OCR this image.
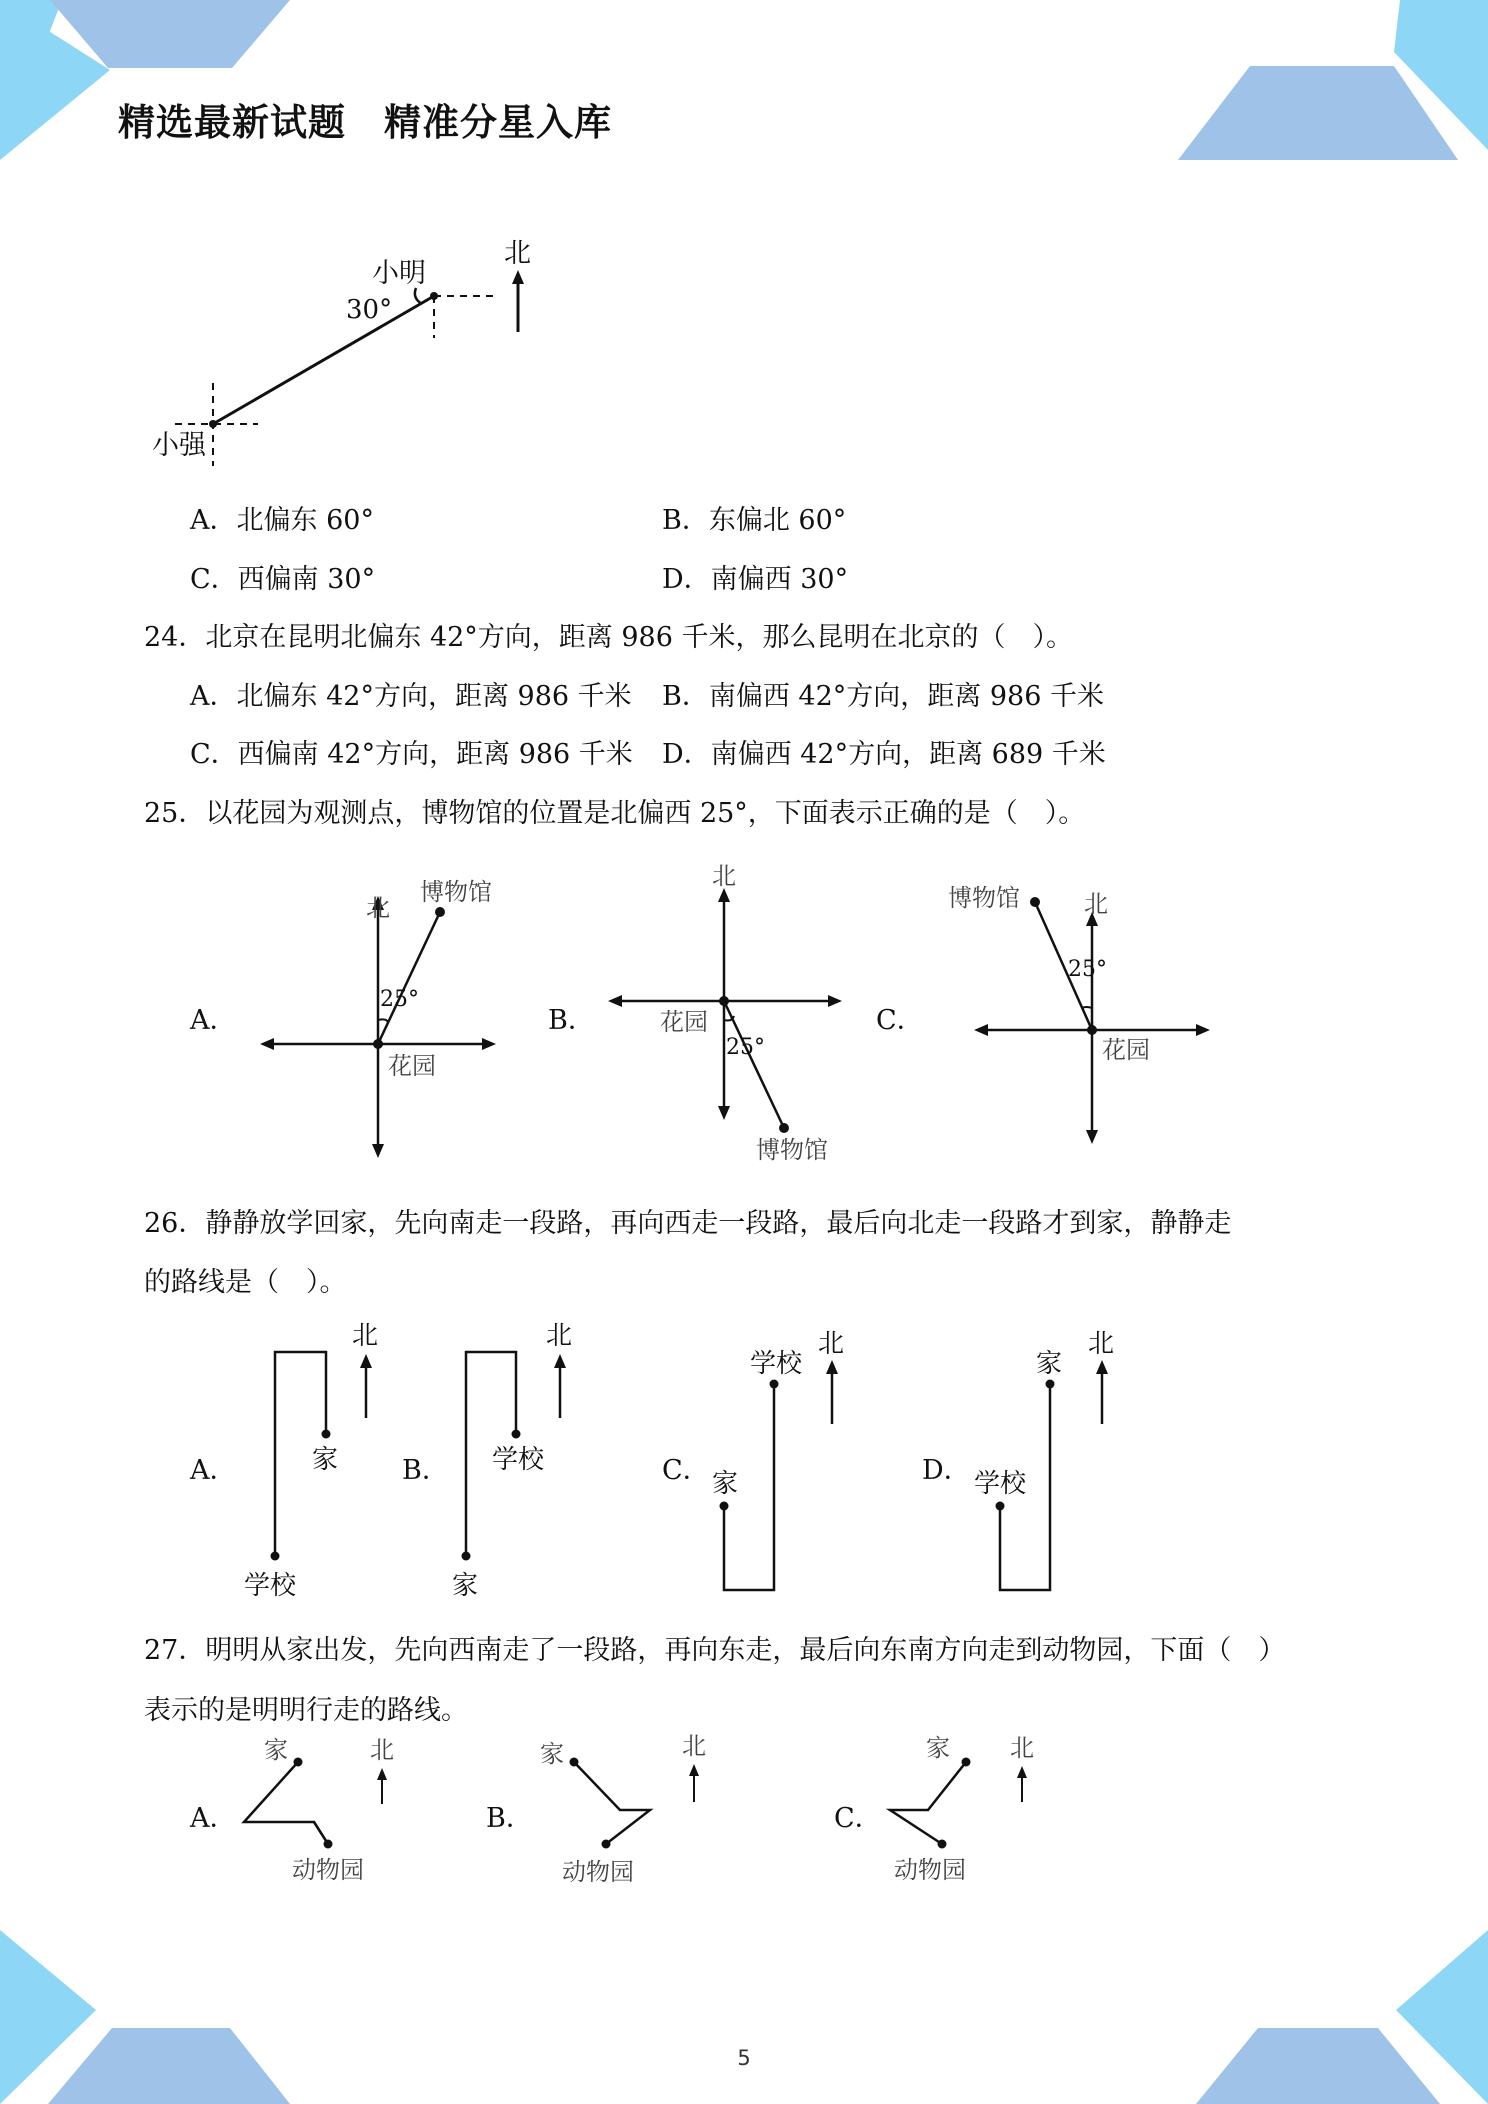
精选最新试题　精准分星入库
小明
30°
北
小强
A．北偏东 60°	B．东偏北 60°
C．西偏南 30°	D．南偏西 30°
24．北京在昆明北偏东 42°方向，距离 986 千米，那么昆明在北京的（　）。
A．北偏东 42°方向，距离 986 千米 B．南偏西 42°方向，距离 986 千米
C．西偏南 42°方向，距离 986 千米 D．南偏西 42°方向，距离 689 千米
25．以花园为观测点，博物馆的位置是北偏西 25°，下面表示正确的是（　）。
A．
北
博物馆
25°
花园
B．
北
花园
25°
博物馆
C．
博物馆	北
25°
花园
26．静静放学回家，先向南走一段路，再向西走一段路，最后向北走一段路才到家，静静走
的路线是（　）。
A．
北
家
学校
B．
北
学校
家
C．
北
学校
家	D．
北
家
学校
27．明明从家出发，先向西南走了一段路，再向东走，最后向东南方向走到动物园，下面（　）
表示的是明明行走的路线。
A．
家	北
动物园
B．
家	北
动物园
C．
家	北
动物园
5
